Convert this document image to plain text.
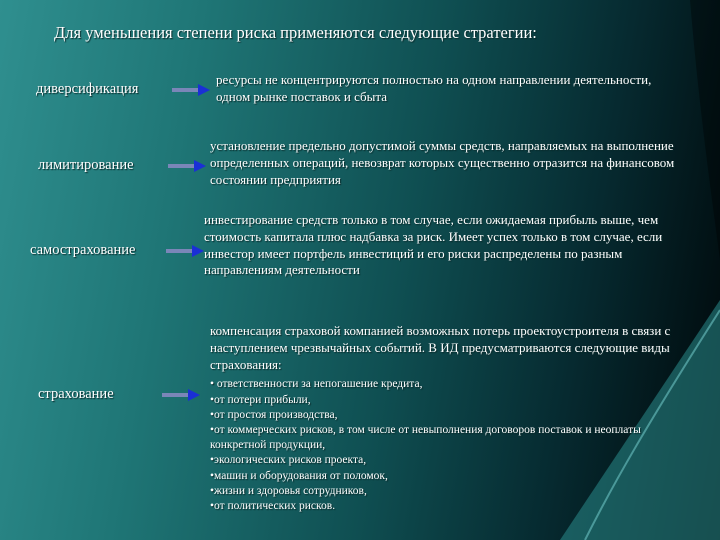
Для уменьшения степени риска применяются следующие стратегии:
диверсификация
ресурсы не концентрируются полностью на одном направлении деятельности, одном рынке поставок и сбыта
лимитирование
установление предельно допустимой суммы средств, направляемых на выполнение определенных операций, невозврат которых существенно отразится на финансовом состоянии предприятия
самострахование
инвестирование средств только в том случае, если ожидаемая прибыль выше, чем стоимость капитала плюс надбавка за риск. Имеет успех только в том случае, если инвестор имеет портфель инвестиций и его риски распределены по разным направлениям деятельности
страхование
компенсация страховой компанией возможных потерь проектоустроителя в связи с наступлением чрезвычайных событий. В ИД предусматриваются следующие виды страхования:
• ответственности за непогашение кредита,
•от потери прибыли,
•от простоя производства,
•от коммерческих рисков, в том числе от невыполнения договоров поставок и неоплаты конкретной продукции,
•экологических рисков проекта,
•машин и оборудования от поломок,
•жизни и здоровья сотрудников,
•от политических рисков.
